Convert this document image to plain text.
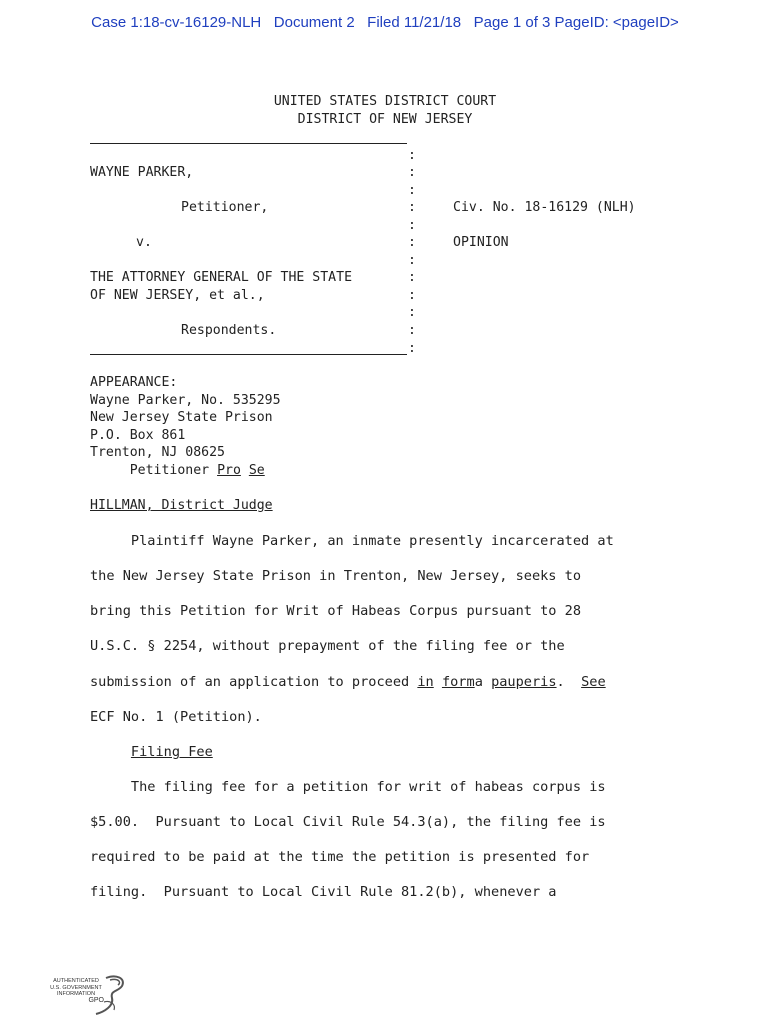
Case 1:18-cv-16129-NLH Document 2 Filed 11/21/18 Page 1 of 3 PageID: <pageID>
UNITED STATES DISTRICT COURT
DISTRICT OF NEW JERSEY
WAYNE PARKER,
Petitioner,
v.
THE ATTORNEY GENERAL OF THE STATE
OF NEW JERSEY, et al.,
Respondents.
:
:
:
:
:
:
:
:
:
:
:
:
Civ. No. 18-16129 (NLH)
OPINION
APPEARANCE:
Wayne Parker, No. 535295
New Jersey State Prison
P.O. Box 861
Trenton, NJ 08625
Petitioner Pro Se
HILLMAN, District Judge
Plaintiff Wayne Parker, an inmate presently incarcerated at
the New Jersey State Prison in Trenton, New Jersey, seeks to
bring this Petition for Writ of Habeas Corpus pursuant to 28
U.S.C. § 2254, without prepayment of the filing fee or the
submission of an application to proceed in forma pauperis.  See
ECF No. 1 (Petition).
Filing Fee
The filing fee for a petition for writ of habeas corpus is
$5.00.  Pursuant to Local Civil Rule 54.3(a), the filing fee is
required to be paid at the time the petition is presented for
filing.  Pursuant to Local Civil Rule 81.2(b), whenever a
AUTHENTICATED
U.S. GOVERNMENT
INFORMATION
GPO
